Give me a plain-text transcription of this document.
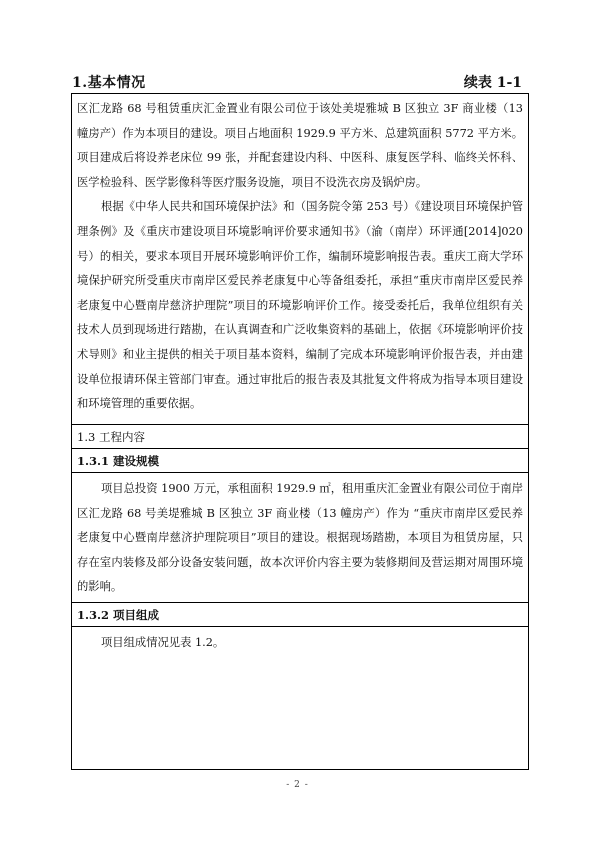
1.基本情况	续表 1-1

区汇龙路 68 号租赁重庆汇金置业有限公司位于该处美堤雅城 B 区独立 3F 商业楼（13 幢房产）作为本项目的建设。项目占地面积 1929.9 平方米、总建筑面积 5772 平方米。项目建成后将设养老床位 99 张，并配套建设内科、中医科、康复医学科、临终关怀科、医学检验科、医学影像科等医疗服务设施，项目不设洗衣房及锅炉房。

根据《中华人民共和国环境保护法》和（国务院令第 253 号）《建设项目环境保护管理条例》及《重庆市建设项目环境影响评价要求通知书》（渝（南岸）环评通[2014]020 号）的相关，要求本项目开展环境影响评价工作，编制环境影响报告表。重庆工商大学环境保护研究所受重庆市南岸区爱民养老康复中心等备组委托，承担“重庆市南岸区爱民养老康复中心暨南岸慈济护理院”项目的环境影响评价工作。接受委托后，我单位组织有关技术人员到现场进行踏勘，在认真调查和广泛收集资料的基础上，依据《环境影响评价技术导则》和业主提供的相关于项目基本资料，编制了完成本环境影响评价报告表，并由建设单位报请环保主管部门审查。通过审批后的报告表及其批复文件将成为指导本项目建设和环境管理的重要依据。

1.3 工程内容
1.3.1 建设规模
项目总投资 1900 万元，承租面积 1929.9 ㎡，租用重庆汇金置业有限公司位于南岸区汇龙路 68 号美堤雅城 B 区独立 3F 商业楼（13 幢房产）作为 “重庆市南岸区爱民养老康复中心暨南岸慈济护理院项目”项目的建设。根据现场踏勘，本项目为租赁房屋，只存在室内装修及部分设备安装问题，故本次评价内容主要为装修期间及营运期对周围环境的影响。
1.3.2 项目组成
项目组成情况见表 1.2。
- 2 -
